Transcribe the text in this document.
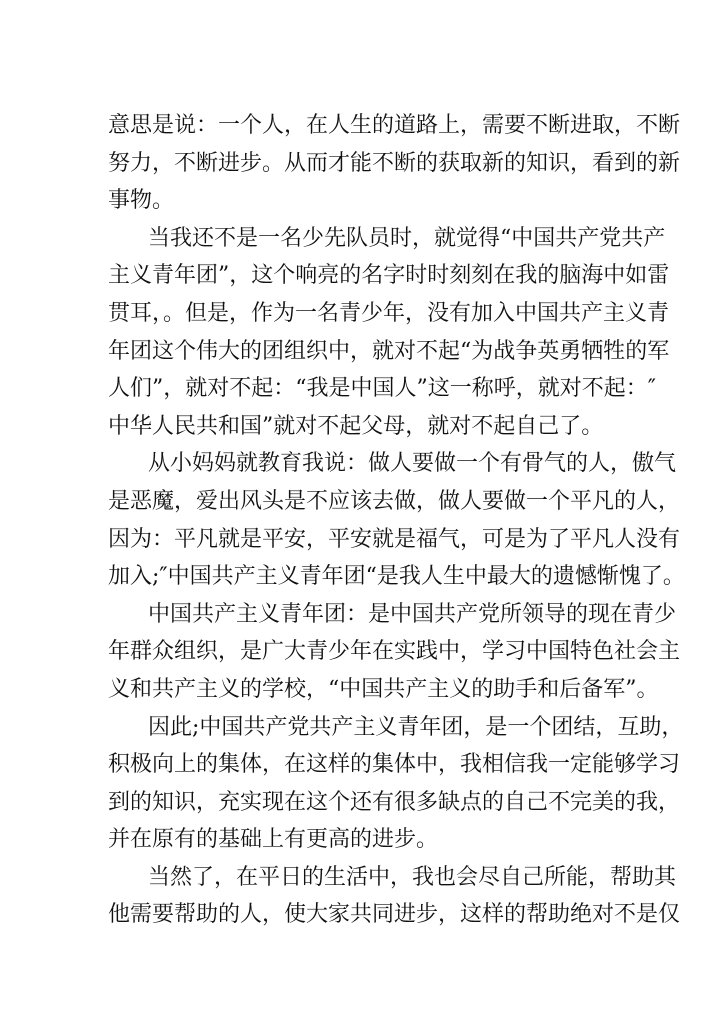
意思是说：一个人，在人生的道路上，需要不断进取，不断
努力，不断进步。从而才能不断的获取新的知识，看到的新
事物。
当我还不是一名少先队员时，就觉得“中国共产党共产
主义青年团”，这个响亮的名字时时刻刻在我的脑海中如雷
贯耳，。但是，作为一名青少年，没有加入中国共产主义青
年团这个伟大的团组织中，就对不起“为战争英勇牺牲的军
人们”，就对不起：“我是中国人”这一称呼，就对不起：″
中华人民共和国”就对不起父母，就对不起自己了。
从小妈妈就教育我说：做人要做一个有骨气的人，傲气
是恶魔，爱出风头是不应该去做，做人要做一个平凡的人，
因为：平凡就是平安，平安就是福气，可是为了平凡人没有
加入;″中国共产主义青年团“是我人生中最大的遗憾惭愧了。
中国共产主义青年团：是中国共产党所领导的现在青少
年群众组织，是广大青少年在实践中，学习中国特色社会主
义和共产主义的学校，“中国共产主义的助手和后备军”。
因此;中国共产党共产主义青年团，是一个团结，互助，
积极向上的集体，在这样的集体中，我相信我一定能够学习
到的知识，充实现在这个还有很多缺点的自己不完美的我，
并在原有的基础上有更高的进步。
当然了，在平日的生活中，我也会尽自己所能，帮助其
他需要帮助的人，使大家共同进步，这样的帮助绝对不是仅
